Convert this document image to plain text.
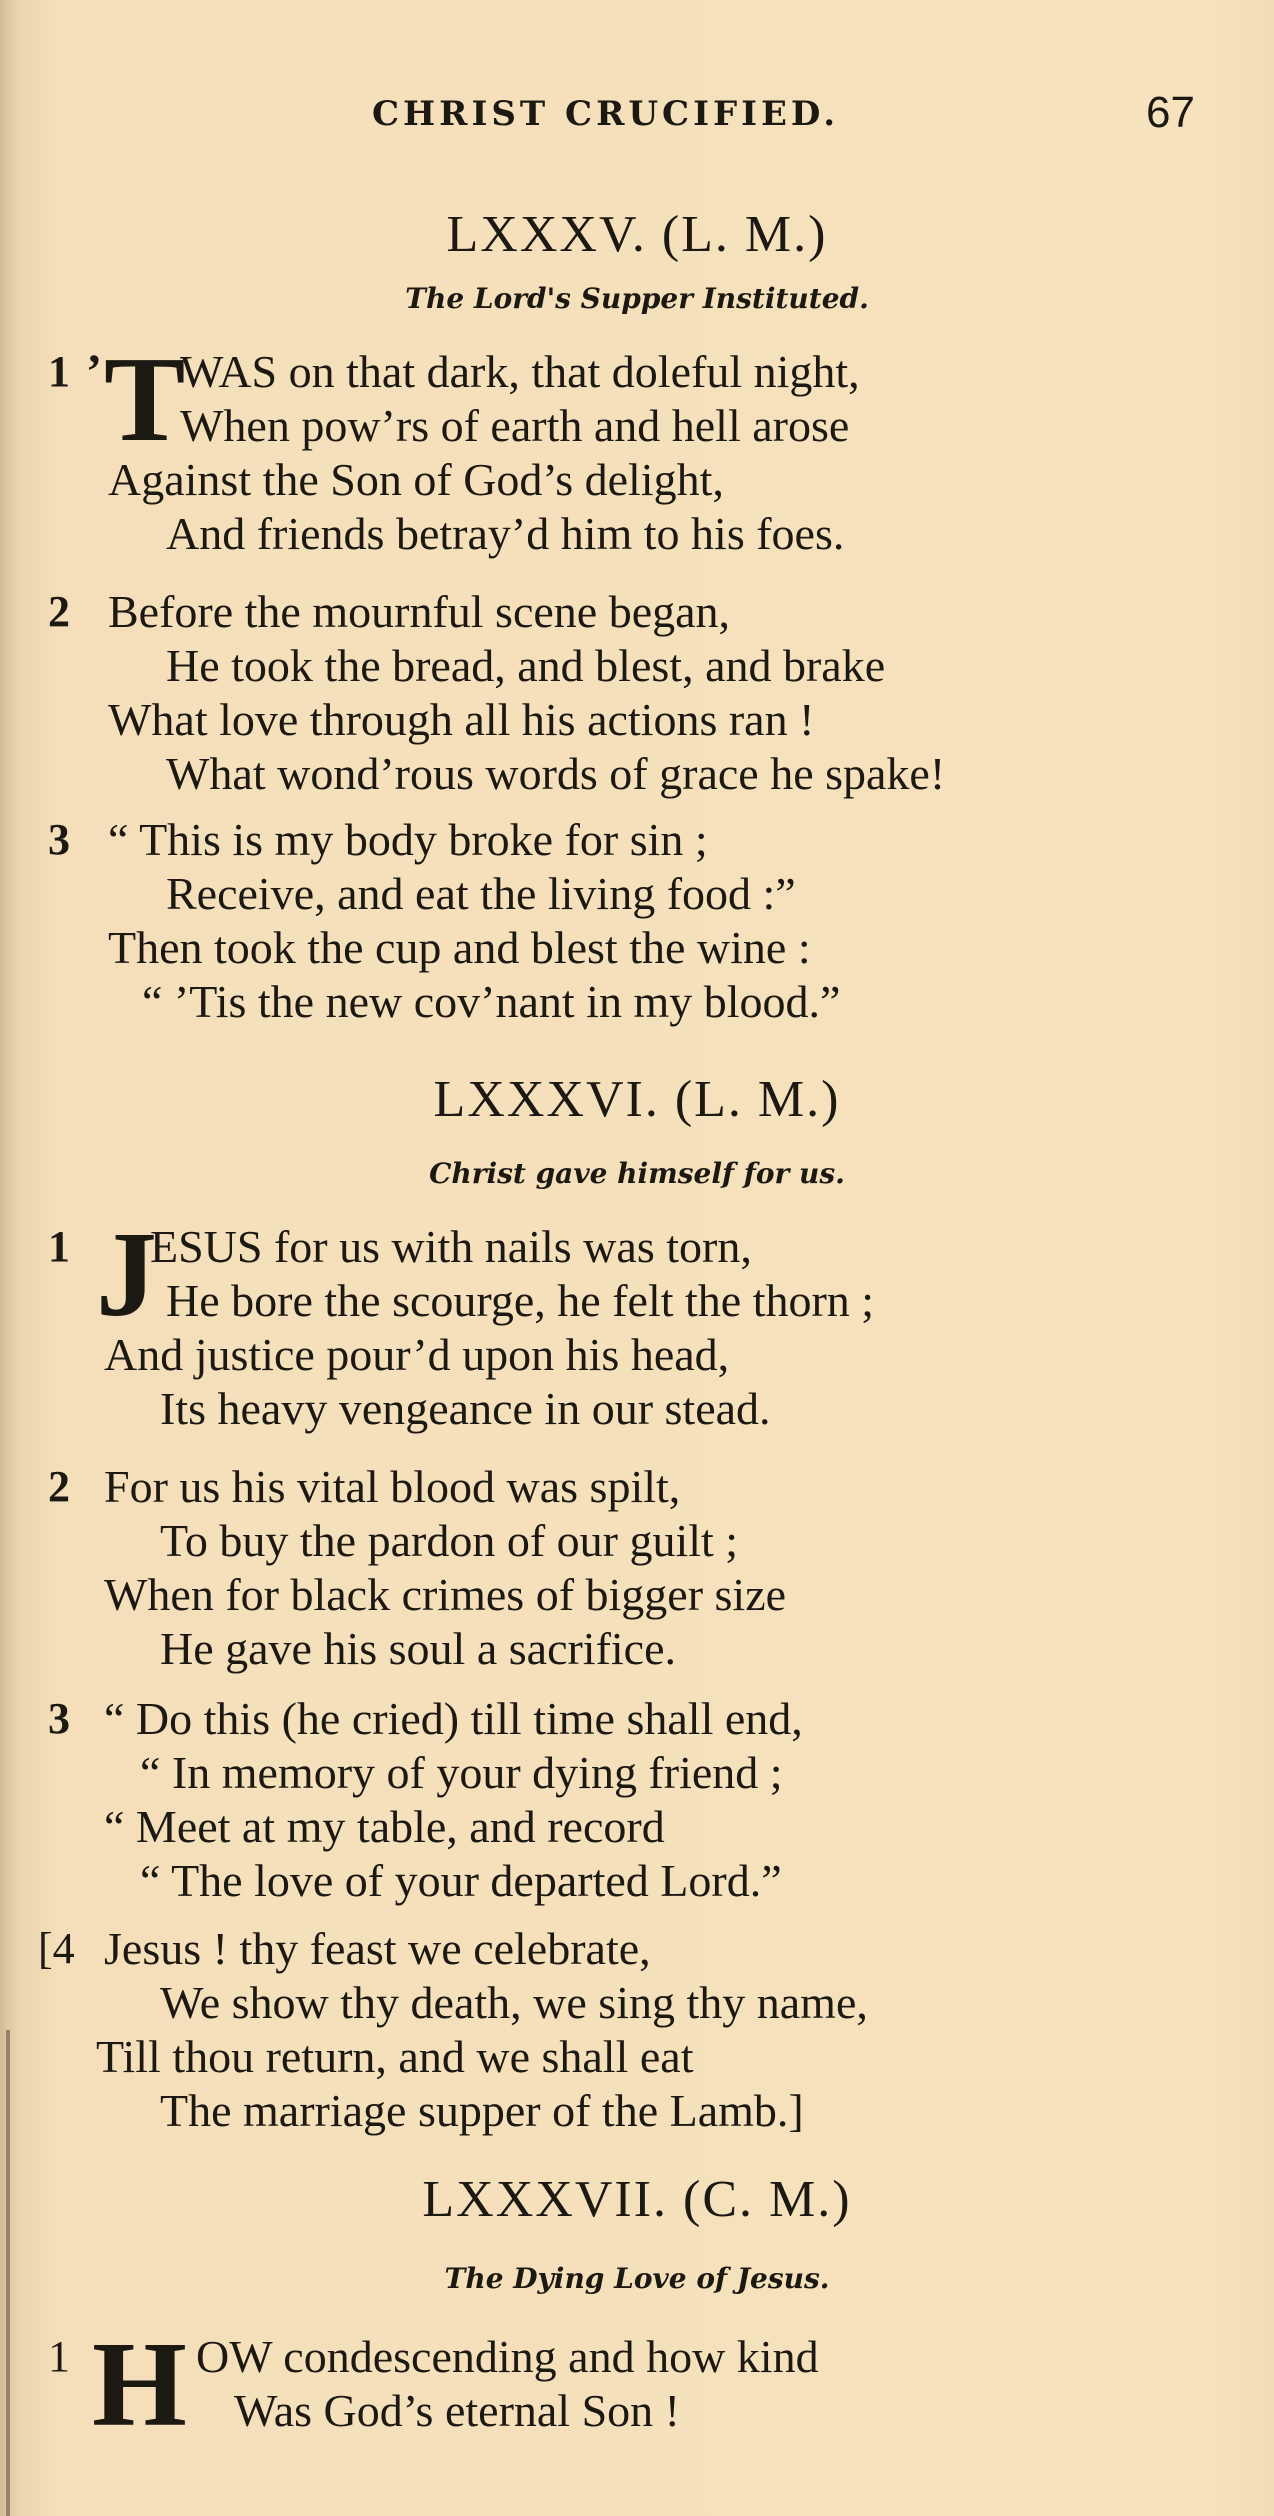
CHRIST CRUCIFIED.	67
LXXXV. (L. M.)
The Lord's Supper Instituted.
1 ’ T
WAS on that dark, that doleful night,
When pow’rs of earth and hell arose
Against the Son of God’s delight,
And friends betray’d him to his foes.
2 Before the mournful scene began,
He took the bread, and blest, and brake
What love through all his actions ran !
What wond’rous words of grace he spake!
3 “ This is my body broke for sin ;
Receive, and eat the living food :”
Then took the cup and blest the wine :
“ ’Tis the new cov’nant in my blood.”
LXXXVI. (L. M.)
Christ gave himself for us.
1 J
ESUS for us with nails was torn,
He bore the scourge, he felt the thorn ;
And justice pour’d upon his head,
Its heavy vengeance in our stead.
2 For us his vital blood was spilt,
To buy the pardon of our guilt ;
When for black crimes of bigger size
He gave his soul a sacrifice.
3 “ Do this (he cried) till time shall end,
“ In memory of your dying friend ;
“ Meet at my table, and record
“ The love of your departed Lord.”
[4 Jesus ! thy feast we celebrate,
We show thy death, we sing thy name,
Till thou return, and we shall eat
The marriage supper of the Lamb.]
LXXXVII. (C. M.)
The Dying Love of Jesus.
1 H OW condescending and how kind
Was God’s eternal Son !
